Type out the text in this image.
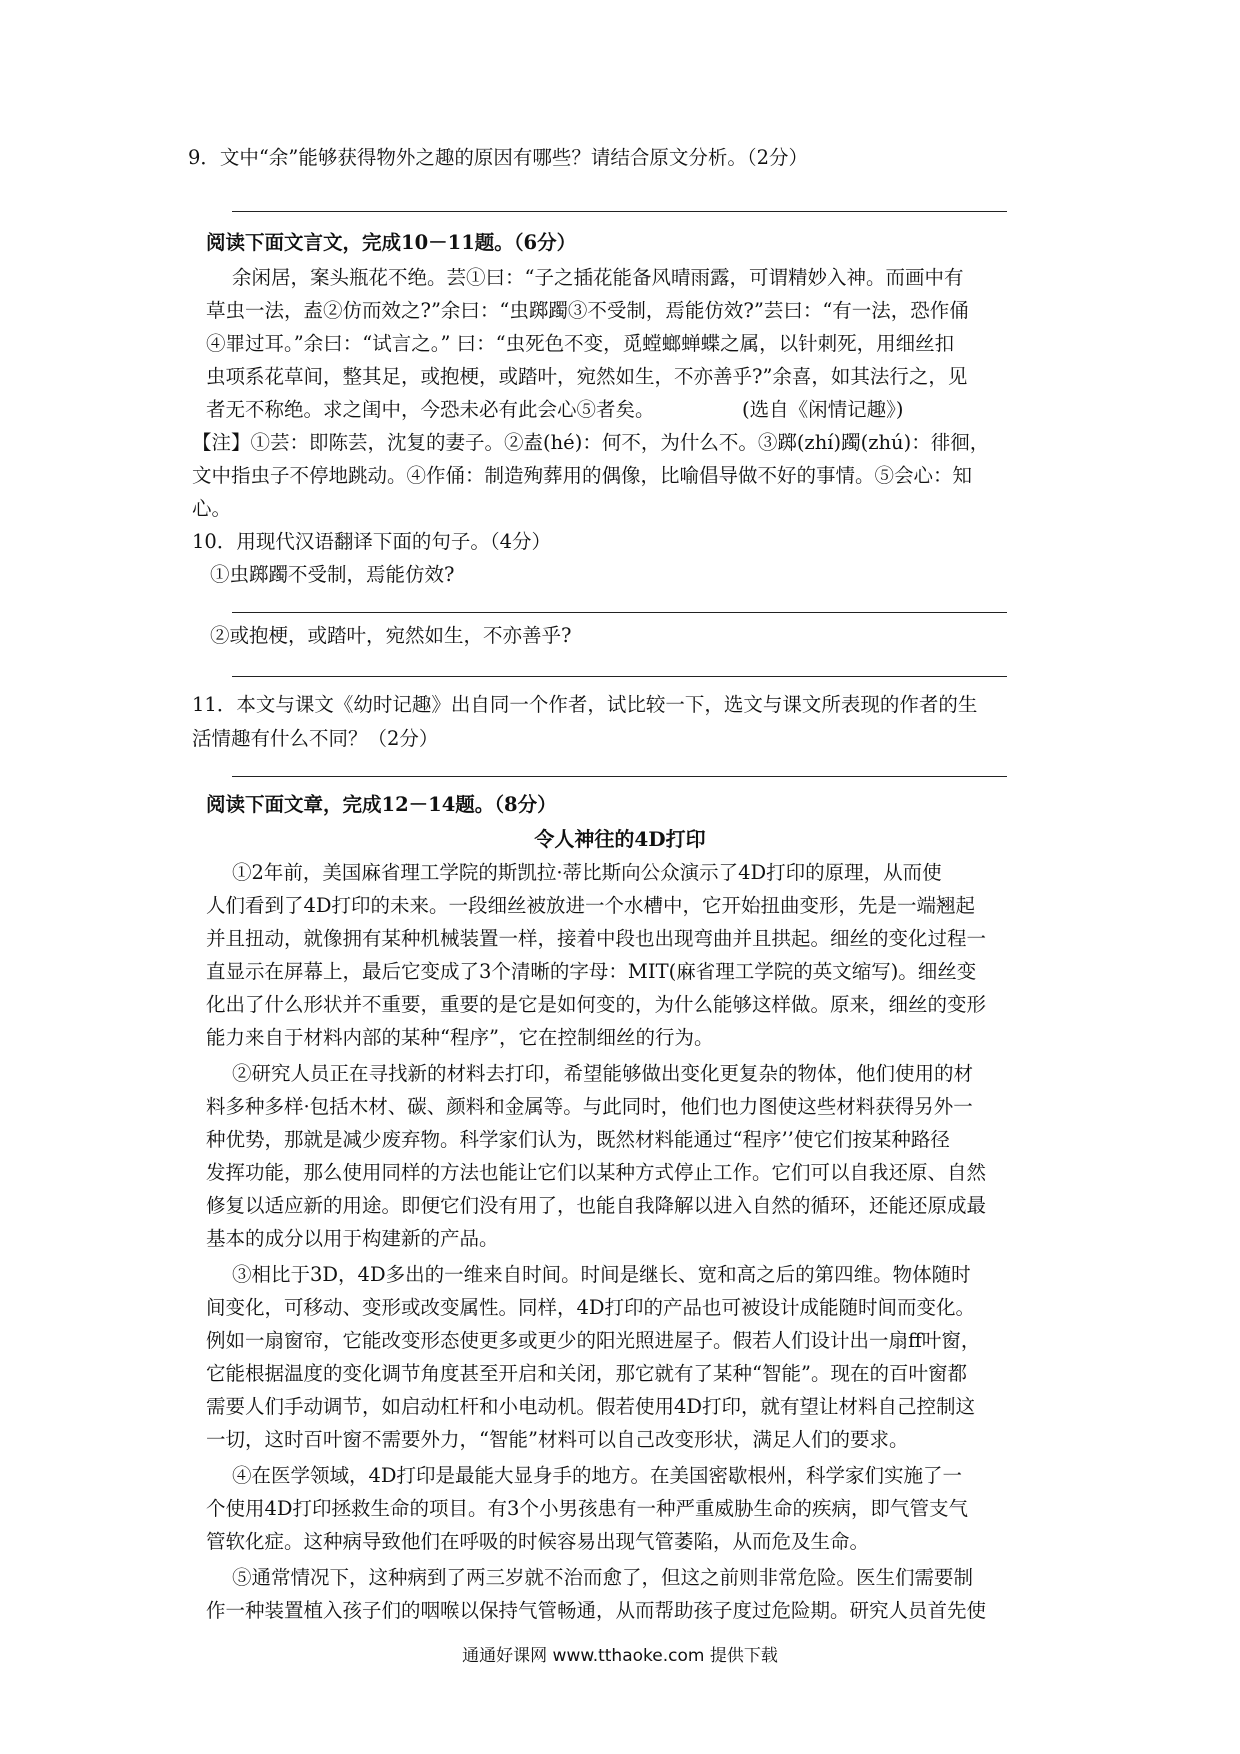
9．文中“余”能够获得物外之趣的原因有哪些？请结合原文分析。（2分）
阅读下面文言文，完成10－11题。（6分）
余闲居，案头瓶花不绝。芸①曰：“子之插花能备风晴雨露，可谓精妙入神。而画中有
草虫一法，盍②仿而效之?”余曰：“虫踯躅③不受制，焉能仿效?”芸曰：“有一法，恐作俑
④罪过耳。”余曰：“试言之。” 曰：“虫死色不变，觅螳螂蝉蝶之属，以针刺死，用细丝扣
虫项系花草间，整其足，或抱梗，或踏叶，宛然如生，不亦善乎?”余喜，如其法行之，见
者无不称绝。求之闺中，今恐未必有此会心⑤者矣。	(选自《闲情记趣》)
【注】①芸：即陈芸，沈复的妻子。②盍(hé)：何不，为什么不。③踯(zhí)躅(zhú)：徘徊，
文中指虫子不停地跳动。④作俑：制造殉葬用的偶像，比喻倡导做不好的事情。⑤会心：知
心。
10．用现代汉语翻译下面的句子。（4分）
①虫踯躅不受制，焉能仿效?
②或抱梗，或踏叶，宛然如生，不亦善乎?
11．本文与课文《幼时记趣》出自同一个作者，试比较一下，选文与课文所表现的作者的生
活情趣有什么不同？（2分）
阅读下面文章，完成12－14题。（8分）
令人神往的4D打印
①2年前，美国麻省理工学院的斯凯拉·蒂比斯向公众演示了4D打印的原理，从而使
人们看到了4D打印的未来。一段细丝被放进一个水槽中，它开始扭曲变形，先是一端翘起
并且扭动，就像拥有某种机械装置一样，接着中段也出现弯曲并且拱起。细丝的变化过程一
直显示在屏幕上，最后它变成了3个清晰的字母：MIT(麻省理工学院的英文缩写)。细丝变
化出了什么形状并不重要，重要的是它是如何变的，为什么能够这样做。原来，细丝的变形
能力来自于材料内部的某种“程序”，它在控制细丝的行为。
②研究人员正在寻找新的材料去打印，希望能够做出变化更复杂的物体，他们使用的材
料多种多样·包括木材、碳、颜料和金属等。与此同时，他们也力图使这些材料获得另外一
种优势，那就是减少废弃物。科学家们认为，既然材料能通过“程序’’使它们按某种路径
发挥功能，那么使用同样的方法也能让它们以某种方式停止工作。它们可以自我还原、自然
修复以适应新的用途。即便它们没有用了，也能自我降解以进入自然的循环，还能还原成最
基本的成分以用于构建新的产品。
③相比于3D，4D多出的一维来自时间。时间是继长、宽和高之后的第四维。物体随时
间变化，可移动、变形或改变属性。同样，4D打印的产品也可被设计成能随时间而变化。
例如一扇窗帘，它能改变形态使更多或更少的阳光照进屋子。假若人们设计出一扇ff叶窗，
它能根据温度的变化调节角度甚至开启和关闭，那它就有了某种“智能”。现在的百叶窗都
需要人们手动调节，如启动杠杆和小电动机。假若使用4D打印，就有望让材料自己控制这
一切，这时百叶窗不需要外力，“智能”材料可以自己改变形状，满足人们的要求。
④在医学领域，4D打印是最能大显身手的地方。在美国密歇根州，科学家们实施了一
个使用4D打印拯救生命的项目。有3个小男孩患有一种严重威胁生命的疾病，即气管支气
管软化症。这种病导致他们在呼吸的时候容易出现气管萎陷，从而危及生命。
⑤通常情况下，这种病到了两三岁就不治而愈了，但这之前则非常危险。医生们需要制
作一种装置植入孩子们的咽喉以保持气管畅通，从而帮助孩子度过危险期。研究人员首先使
通通好课网 www.tthaoke.com 提供下载
